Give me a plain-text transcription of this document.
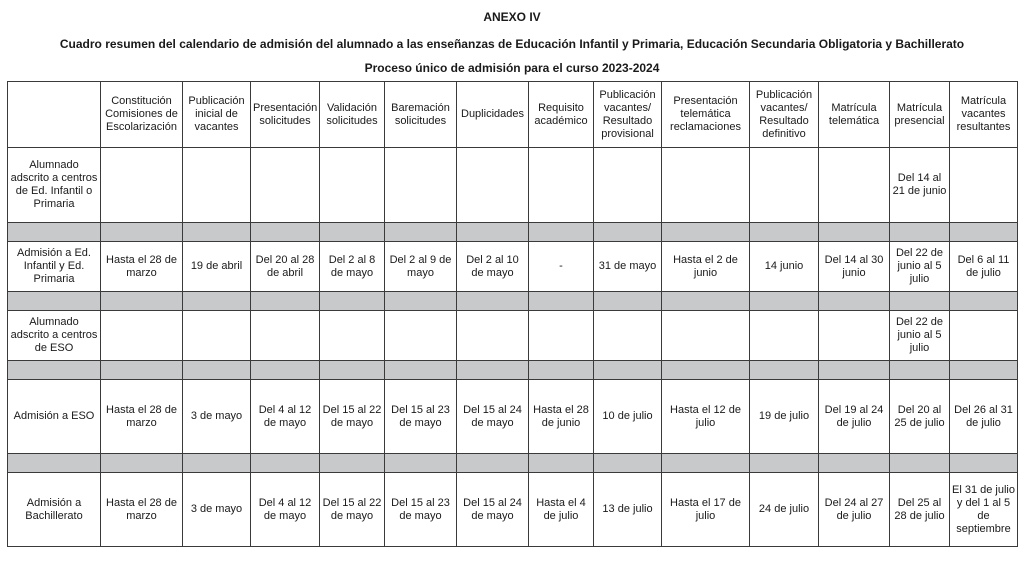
ANEXO IV
Cuadro resumen del calendario de admisión del alumnado a las enseñanzas de Educación Infantil y Primaria, Educación Secundaria Obligatoria y Bachillerato
Proceso único de admisión para el curso 2023-2024
	Constitución Comisiones de Escolarización	Publicación inicial de vacantes	Presentación solicitudes	Validación solicitudes	Baremación solicitudes	Duplicidades	Requisito académico	Publicación vacantes/ Resultado provisional	Presentación telemática reclamaciones	Publicación vacantes/ Resultado definitivo	Matrícula telemática	Matrícula presencial	Matrícula vacantes resultantes
Alumnado adscrito a centros de Ed. Infantil o Primaria												Del 14 al 21 de junio	

Admisión a Ed. Infantil y Ed. Primaria	Hasta el 28 de marzo	19 de abril	Del 20 al 28 de abril	Del 2 al 8 de mayo	Del 2 al 9 de mayo	Del 2 al 10 de mayo	-	31 de mayo	Hasta el 2 de junio	14 junio	Del 14 al 30 junio	Del 22 de junio al 5 julio	Del 6 al 11 de julio

Alumnado adscrito a centros de ESO												Del 22 de junio al 5 julio	

Admisión a ESO	Hasta el 28 de marzo	3 de mayo	Del 4 al 12 de mayo	Del 15 al 22 de mayo	Del 15 al 23 de mayo	Del 15 al 24 de mayo	Hasta el 28 de junio	10 de julio	Hasta el 12 de julio	19 de julio	Del 19 al 24 de julio	Del 20 al 25 de julio	Del 26 al 31 de julio

Admisión a Bachillerato	Hasta el 28 de marzo	3 de mayo	Del 4 al 12 de mayo	Del 15 al 22 de mayo	Del 15 al 23 de mayo	Del 15 al 24 de mayo	Hasta el 4 de julio	13 de julio	Hasta el 17 de julio	24 de julio	Del 24 al 27 de julio	Del 25 al 28 de julio	El 31 de julio y del 1 al 5 de septiembre
